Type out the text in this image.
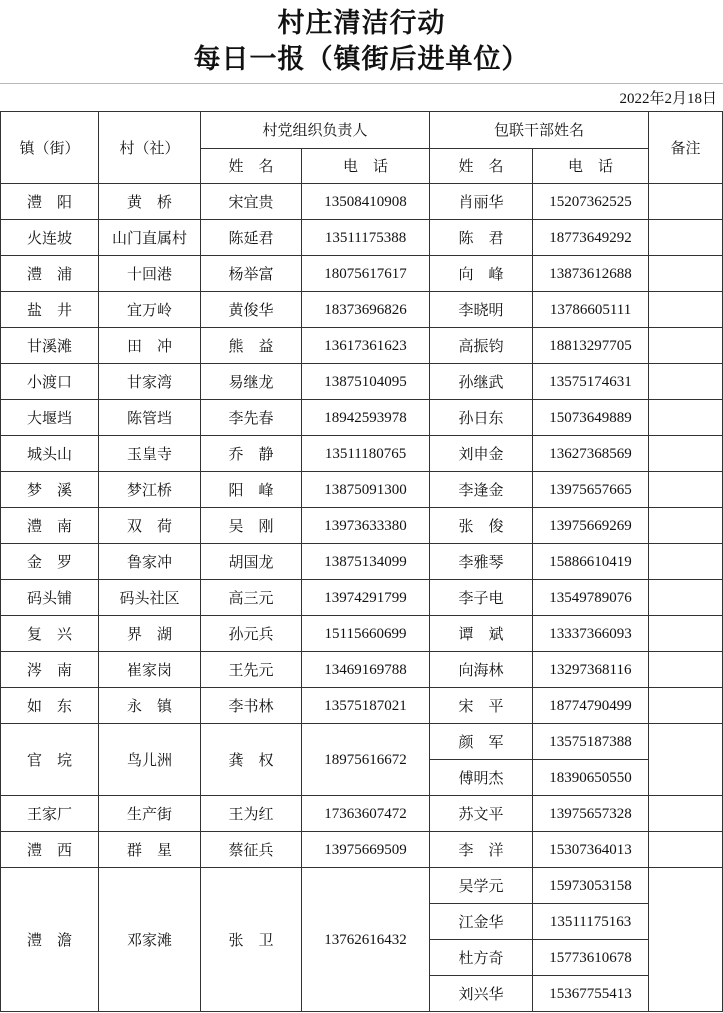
村庄清洁行动
每日一报（镇街后进单位）
2022年2月18日
镇（街）	村（社）	村党组织负责人		包联干部姓名		备注
		姓　名	电　话	姓　名	电　话	
澧　阳	黄　桥	宋宜贵	13508410908	肖丽华	15207362525	
火连坡	山门直属村	陈延君	13511175388	陈　君	18773649292	
澧　浦	十回港	杨举富	18075617617	向　峰	13873612688	
盐　井	宜万岭	黄俊华	18373696826	李晓明	13786605111	
甘溪滩	田　冲	熊　益	13617361623	高振钧	18813297705	
小渡口	甘家湾	易继龙	13875104095	孙继武	13575174631	
大堰垱	陈管垱	李先春	18942593978	孙日东	15073649889	
城头山	玉皇寺	乔　静	13511180765	刘申金	13627368569	
梦　溪	梦江桥	阳　峰	13875091300	李逢金	13975657665	
澧　南	双　荷	吴　刚	13973633380	张　俊	13975669269	
金　罗	鲁家冲	胡国龙	13875134099	李雅琴	15886610419	
码头铺	码头社区	高三元	13974291799	李子电	13549789076	
复　兴	界　湖	孙元兵	15115660699	谭　斌	13337366093	
涔　南	崔家岗	王先元	13469169788	向海林	13297368116	
如　东	永　镇	李书林	13575187021	宋　平	18774790499	
官　垸	鸟儿洲	龚　权	18975616672	颜　军	13575187388	
				傅明杰	18390650550	
王家厂	生产街	王为红	17363607472	苏文平	13975657328	
澧　西	群　星	蔡征兵	13975669509	李　洋	15307364013	
澧　澹	邓家滩	张　卫	13762616432	吴学元	15973053158	
				江金华	13511175163	
				杜方奇	15773610678	
				刘兴华	15367755413	
